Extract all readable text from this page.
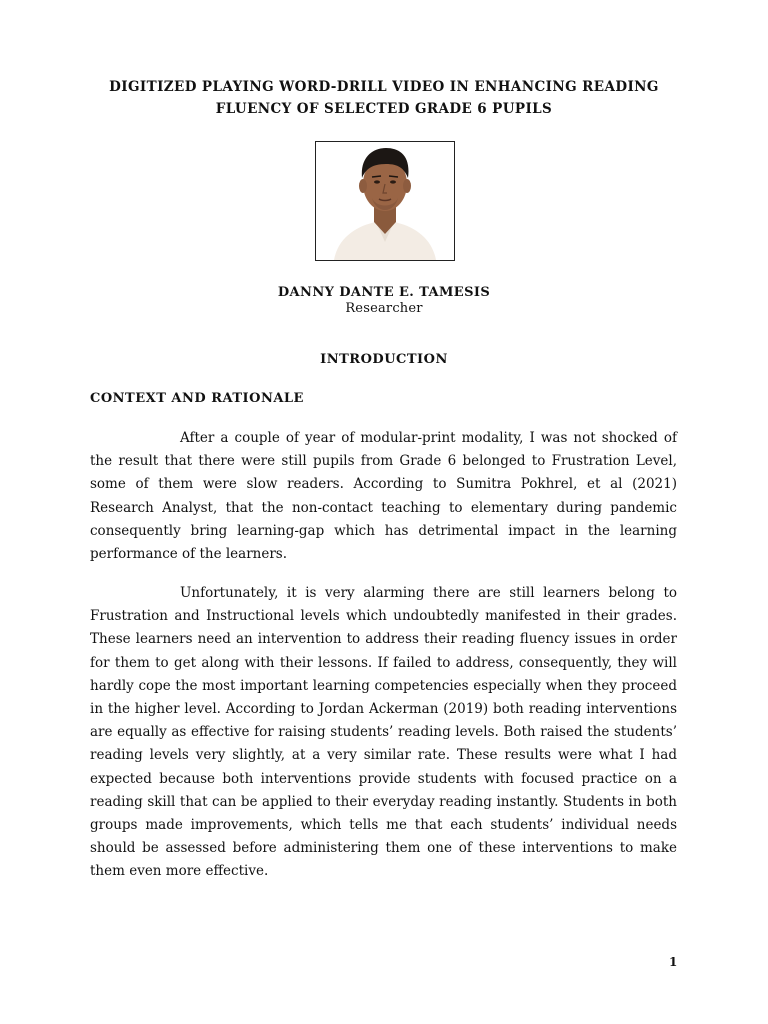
DIGITIZED PLAYING WORD-DRILL VIDEO IN ENHANCING READING
FLUENCY OF SELECTED GRADE 6 PUPILS
DANNY DANTE E. TAMESIS
Researcher
INTRODUCTION
CONTEXT AND RATIONALE

After a couple of year of modular-print modality, I was not shocked of the result that there were still pupils from Grade 6 belonged to Frustration Level, some of them were slow readers. According to Sumitra Pokhrel, et al (2021) Research Analyst, that the non-contact teaching to elementary during pandemic consequently bring learning-gap which has detrimental impact in the learning performance of the learners.

Unfortunately, it is very alarming there are still learners belong to Frustration and Instructional levels which undoubtedly manifested in their grades. These learners need an intervention to address their reading fluency issues in order for them to get along with their lessons. If failed to address, consequently, they will hardly cope the most important learning competencies especially when they proceed in the higher level. According to Jordan Ackerman (2019) both reading interventions are equally as effective for raising students’ reading levels. Both raised the students’ reading levels very slightly, at a very similar rate. These results were what I had expected because both interventions provide students with focused practice on a reading skill that can be applied to their everyday reading instantly. Students in both groups made improvements, which tells me that each students’ individual needs should be assessed before administering them one of these interventions to make them even more effective.

1
